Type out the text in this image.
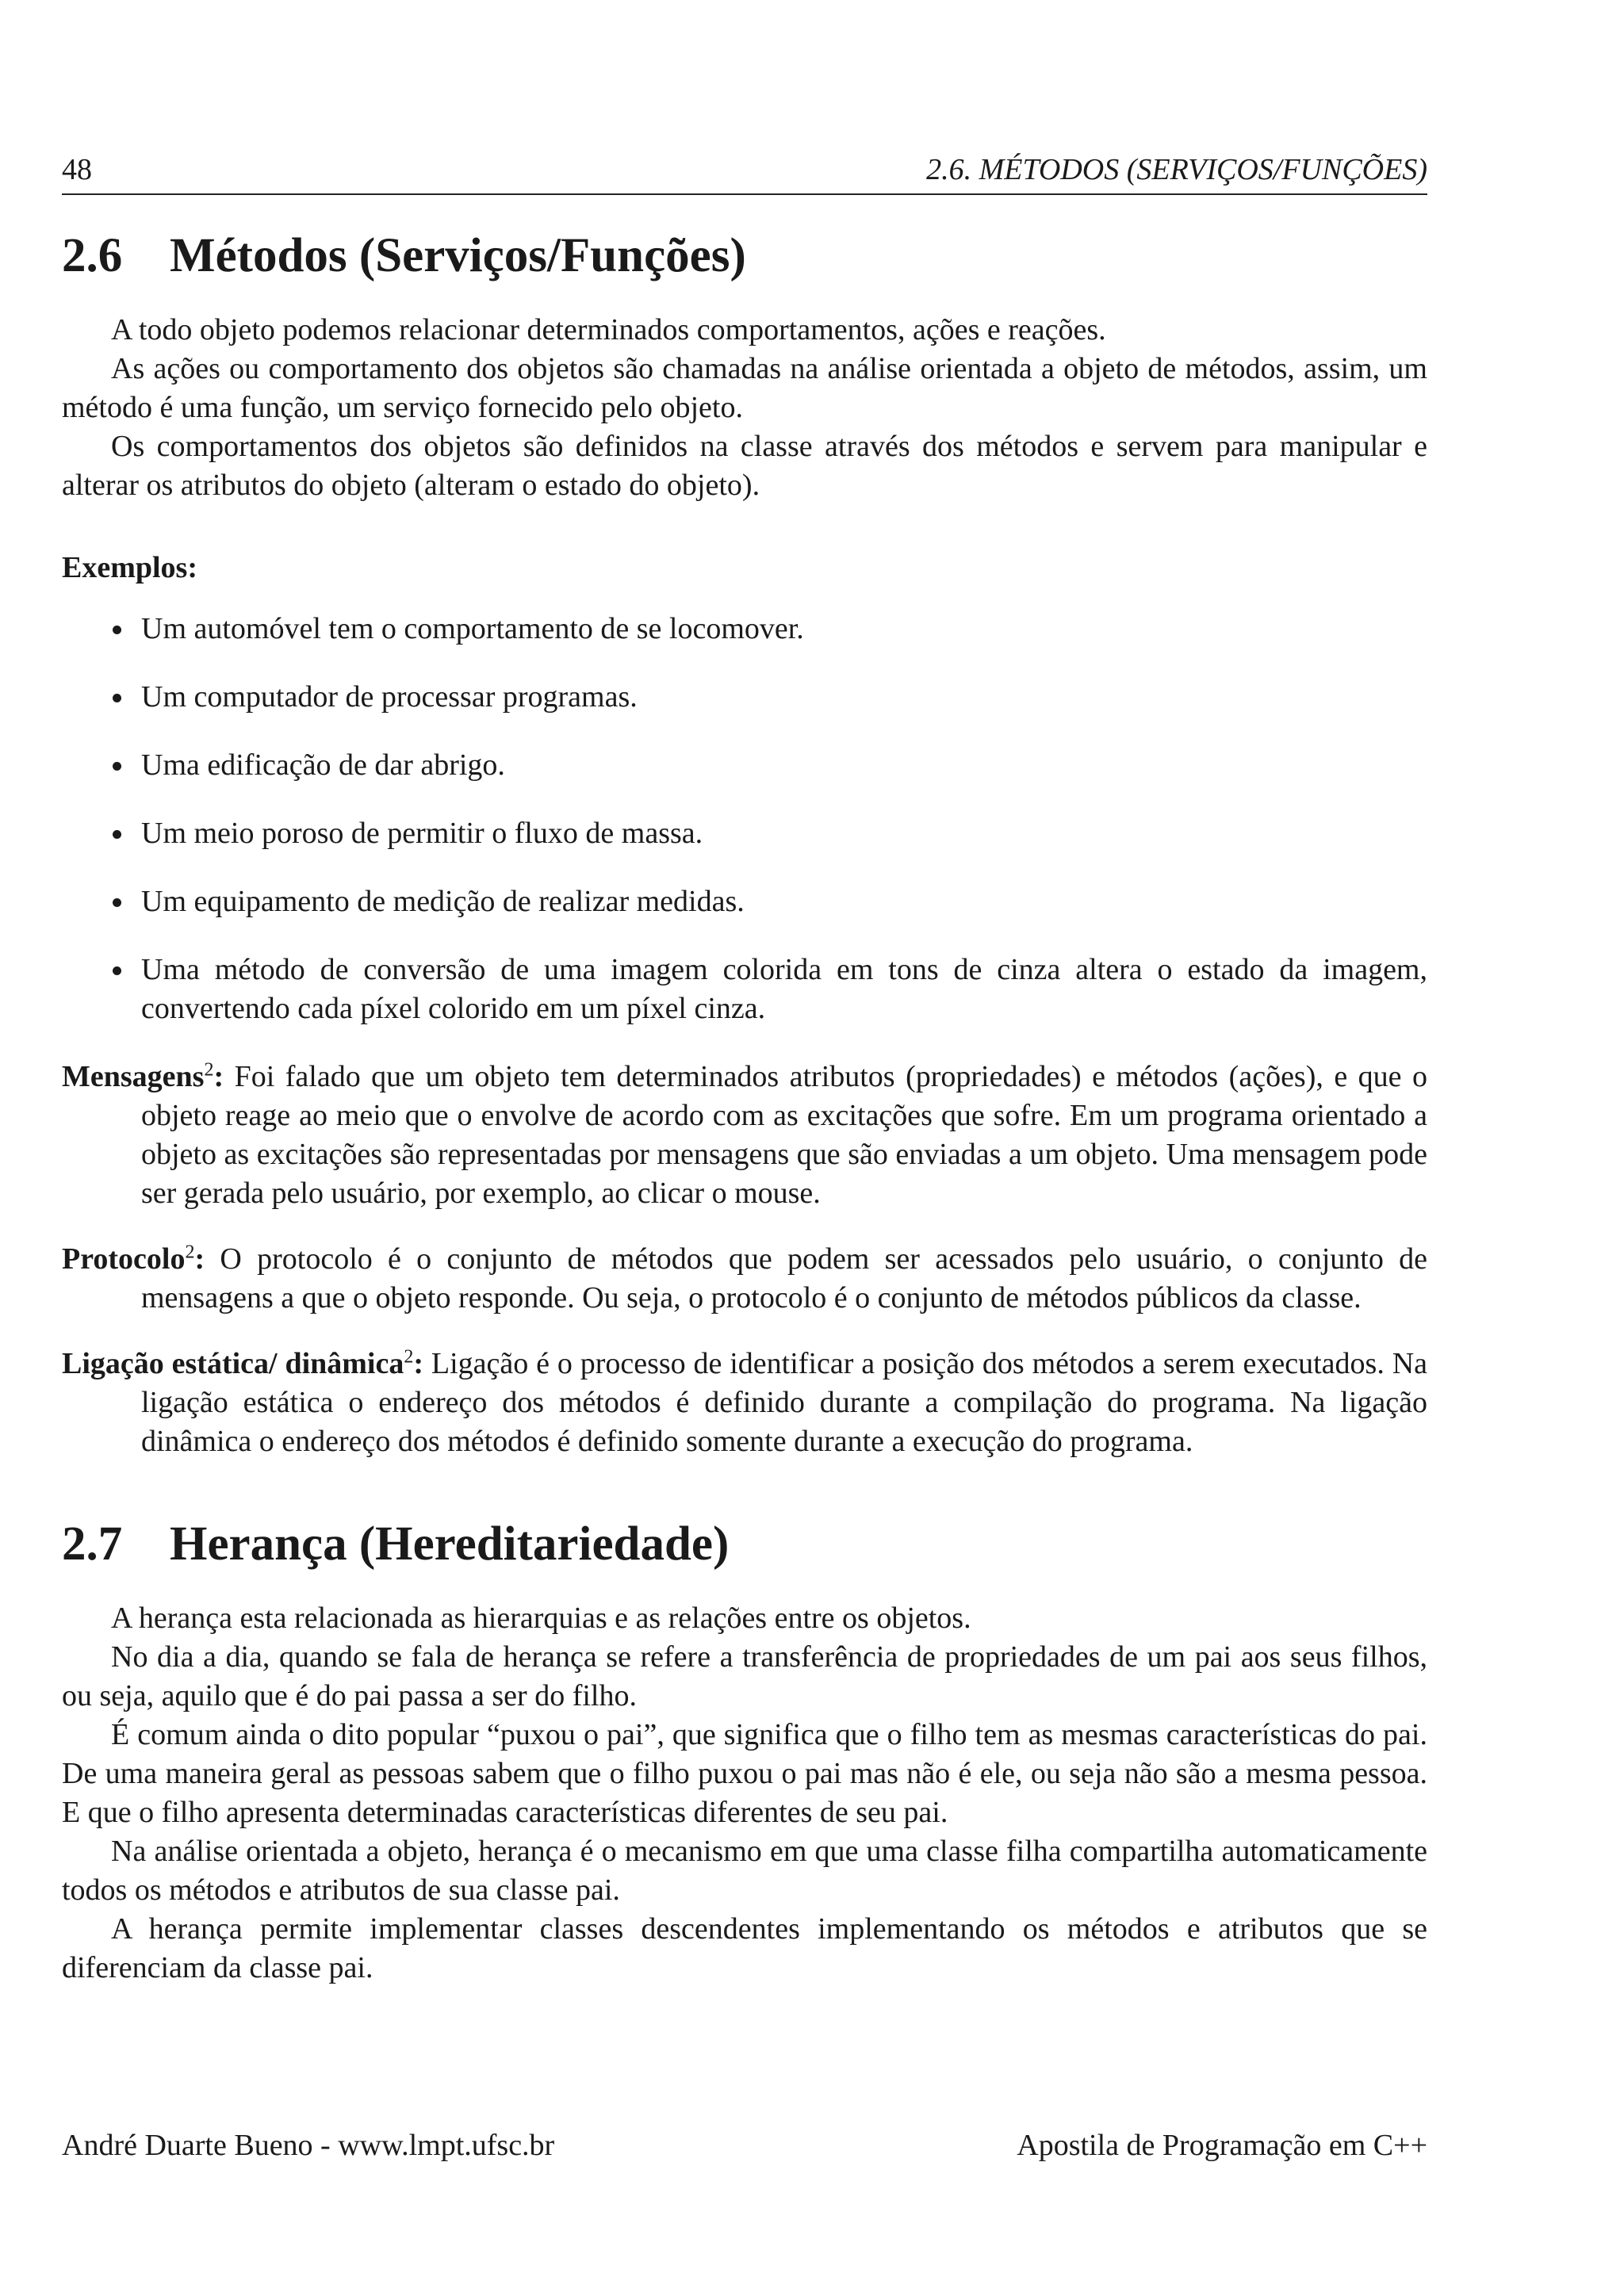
48	2.6. MÉTODOS (SERVIÇOS/FUNÇÕES)
2.6 Métodos (Serviços/Funções)

A todo objeto podemos relacionar determinados comportamentos, ações e reações.

As ações ou comportamento dos objetos são chamadas na análise orientada a objeto de métodos, assim, um método é uma função, um serviço fornecido pelo objeto.

Os comportamentos dos objetos são definidos na classe através dos métodos e servem para manipular e alterar os atributos do objeto (alteram o estado do objeto).

Exemplos:
Um automóvel tem o comportamento de se locomover.
Um computador de processar programas.
Uma edificação de dar abrigo.
Um meio poroso de permitir o fluxo de massa.
Um equipamento de medição de realizar medidas.
Uma método de conversão de uma imagem colorida em tons de cinza altera o estado da imagem, convertendo cada píxel colorido em um píxel cinza.
Mensagens$^2$: Foi falado que um objeto tem determinados atributos (propriedades) e métodos (ações), e que o objeto reage ao meio que o envolve de acordo com as excitações que sofre. Em um programa orientado a objeto as excitações são representadas por mensagens que são enviadas a um objeto. Uma mensagem pode ser gerada pelo usuário, por exemplo, ao clicar o mouse.
Protocolo$^2$: O protocolo é o conjunto de métodos que podem ser acessados pelo usuário, o conjunto de mensagens a que o objeto responde. Ou seja, o protocolo é o conjunto de métodos públicos da classe.
Ligação estática/ dinâmica$^2$: Ligação é o processo de identificar a posição dos métodos a serem executados. Na ligação estática o endereço dos métodos é definido durante a compilação do programa. Na ligação dinâmica o endereço dos métodos é definido somente durante a execução do programa.
2.7 Herança (Hereditariedade)

A herança esta relacionada as hierarquias e as relações entre os objetos.

No dia a dia, quando se fala de herança se refere a transferência de propriedades de um pai aos seus filhos, ou seja, aquilo que é do pai passa a ser do filho.

É comum ainda o dito popular “puxou o pai”, que significa que o filho tem as mesmas características do pai. De uma maneira geral as pessoas sabem que o filho puxou o pai mas não é ele, ou seja não são a mesma pessoa. E que o filho apresenta determinadas características diferentes de seu pai.

Na análise orientada a objeto, herança é o mecanismo em que uma classe filha compartilha automaticamente todos os métodos e atributos de sua classe pai.

A herança permite implementar classes descendentes implementando os métodos e atributos que se diferenciam da classe pai.

André Duarte Bueno - www.lmpt.ufsc.br	Apostila de Programação em C++
